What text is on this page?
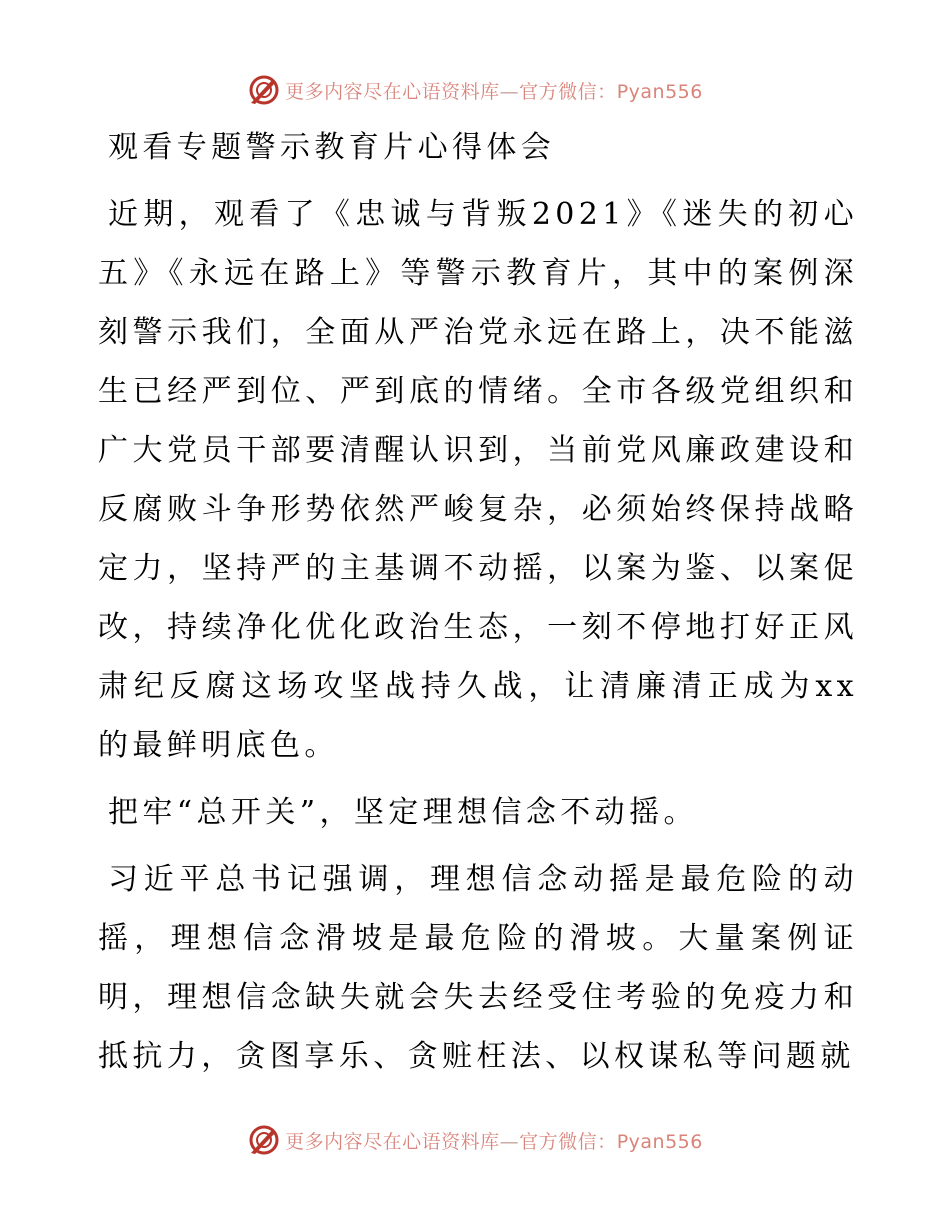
更多内容尽在心语资料库—官方微信：Pyan556

观看专题警示教育片心得体会

近期，观看了《忠诚与背叛2021》《迷失的初心五》《永远在路上》等警示教育片，其中的案例深刻警示我们，全面从严治党永远在路上，决不能滋生已经严到位、严到底的情绪。全市各级党组织和广大党员干部要清醒认识到，当前党风廉政建设和反腐败斗争形势依然严峻复杂，必须始终保持战略定力，坚持严的主基调不动摇，以案为鉴、以案促改，持续净化优化政治生态，一刻不停地打好正风肃纪反腐这场攻坚战持久战，让清廉清正成为xx的最鲜明底色。

把牢“总开关”，坚定理想信念不动摇。

习近平总书记强调，理想信念动摇是最危险的动摇，理想信念滑坡是最危险的滑坡。大量案例证明，理想信念缺失就会失去经受住考验的免疫力和抵抗力，贪图享乐、贪赃枉法、以权谋私等问题就

更多内容尽在心语资料库—官方微信：Pyan556
